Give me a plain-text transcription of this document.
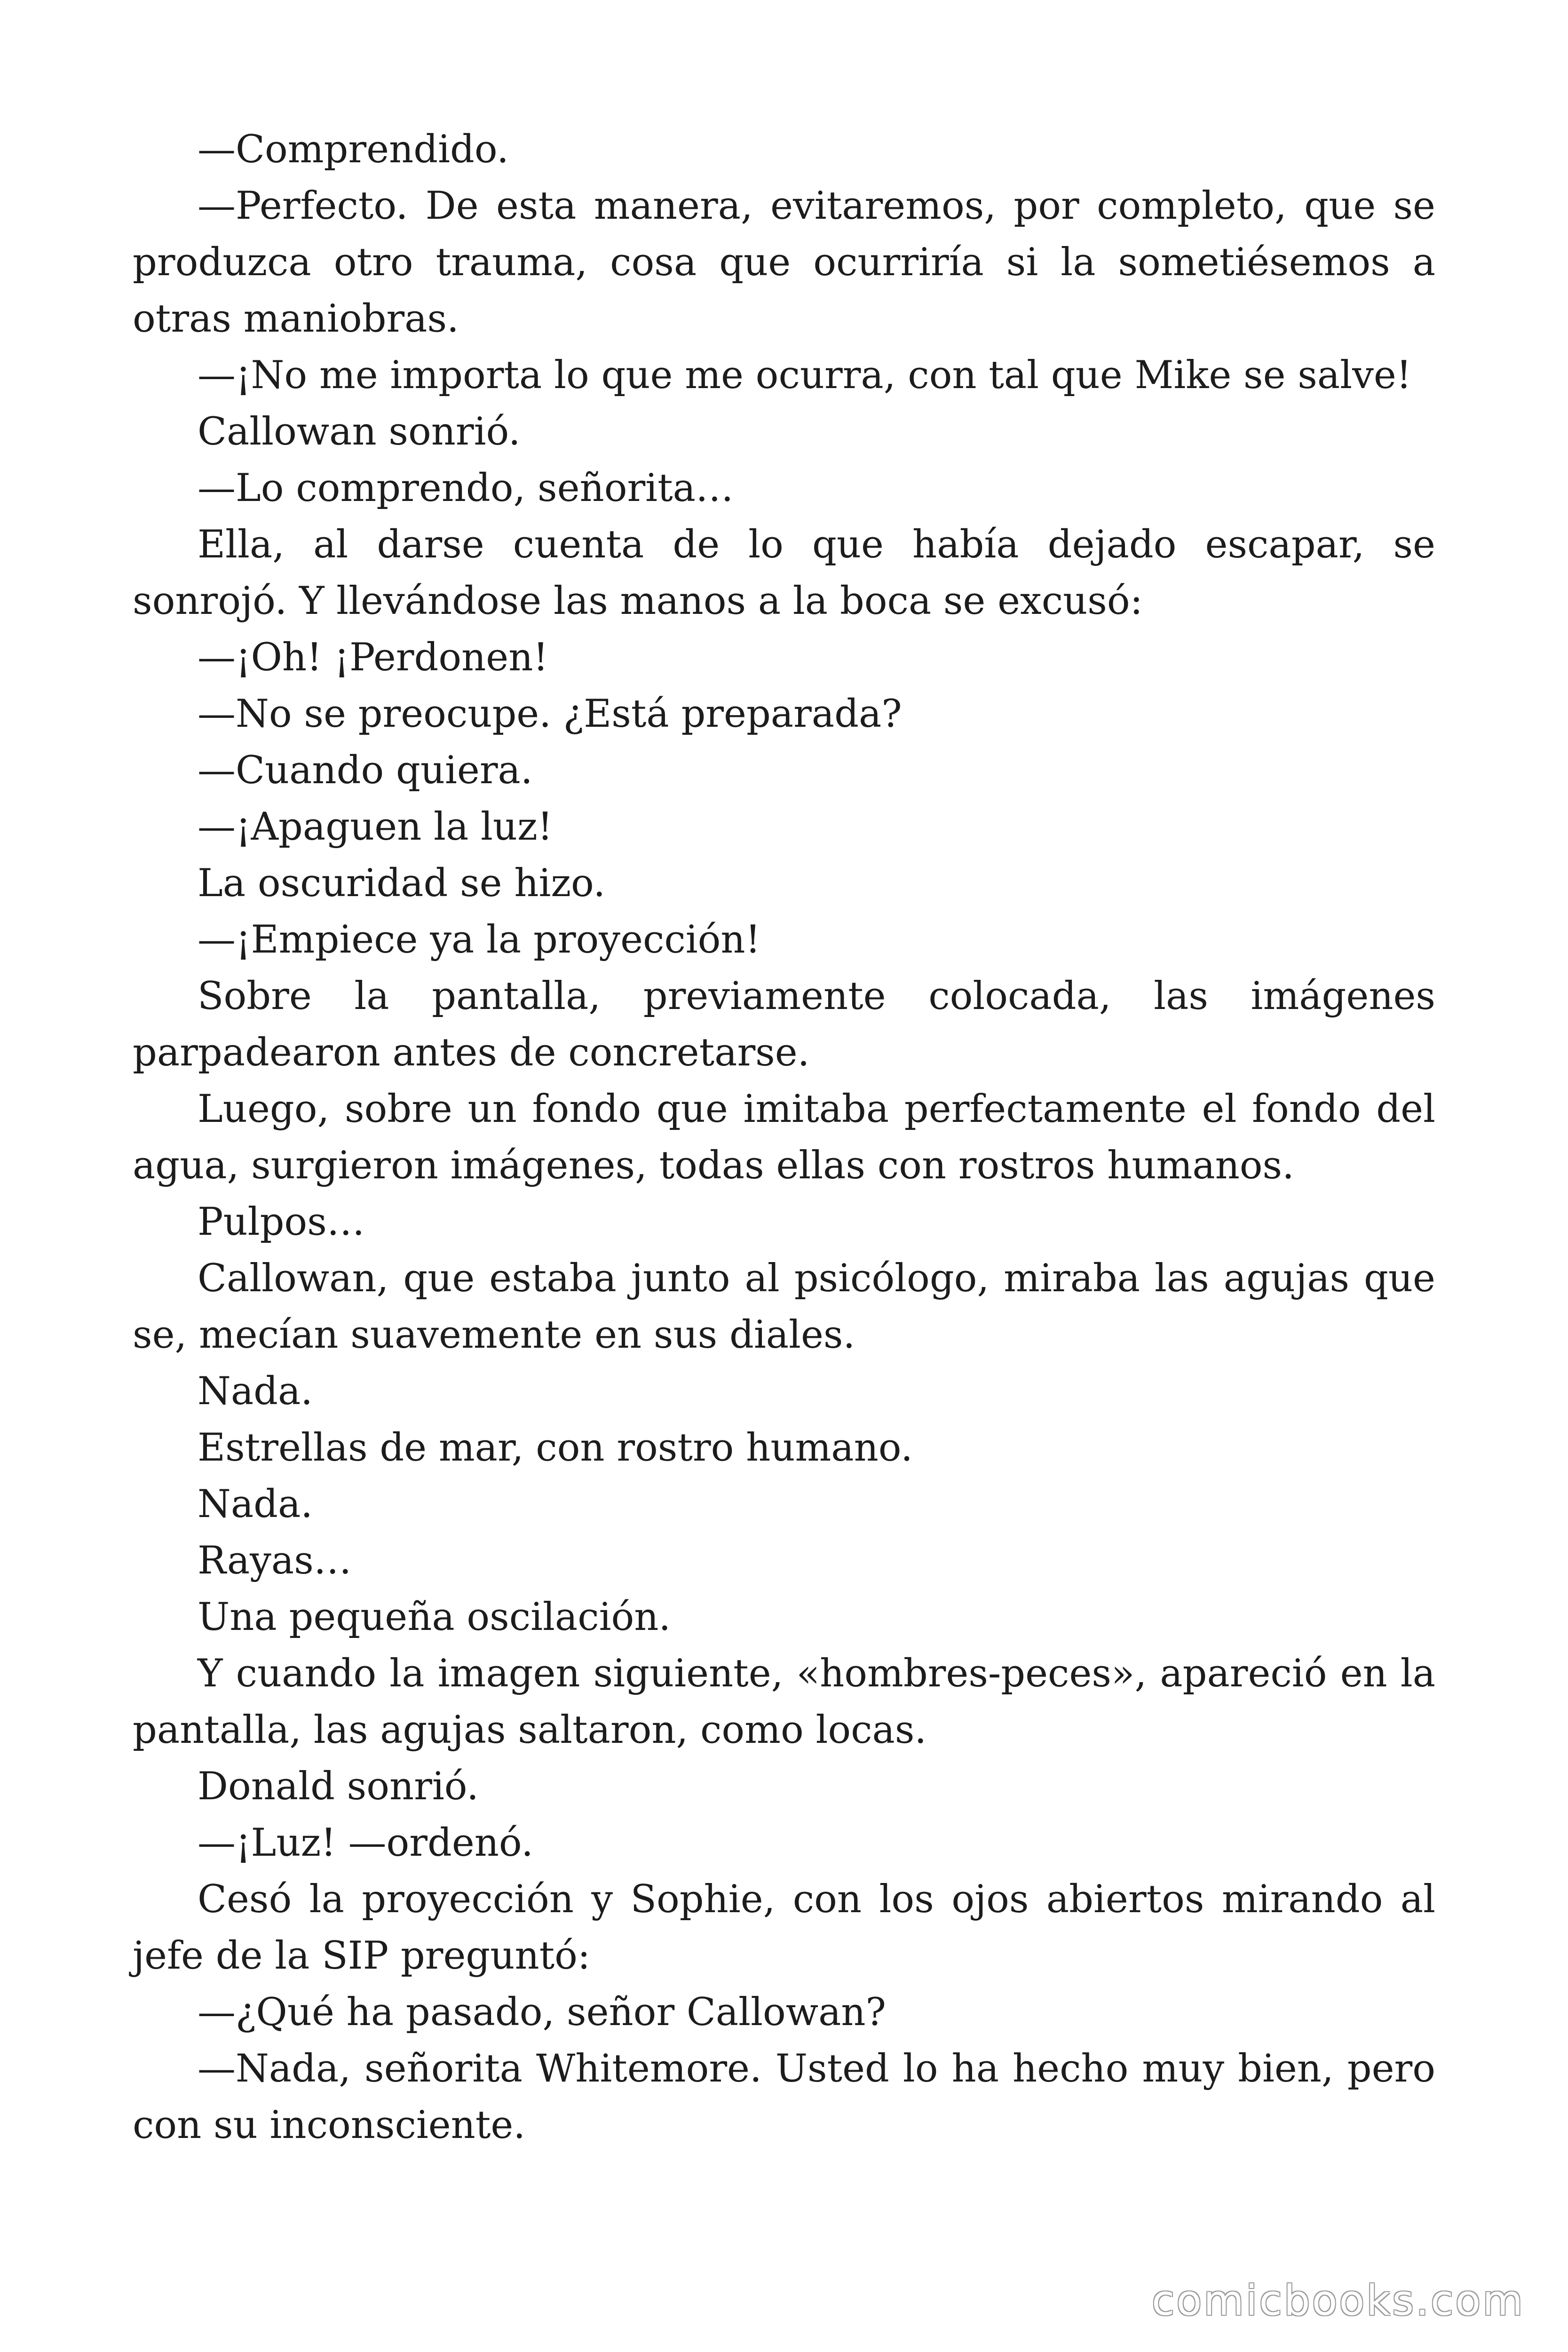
—Comprendido.

—Perfecto. De esta manera, evitaremos, por completo, que se produzca otro trauma, cosa que ocurriría si la sometiésemos a otras maniobras.

—¡No me importa lo que me ocurra, con tal que Mike se salve!

Callowan sonrió.

—Lo comprendo, señorita…

Ella, al darse cuenta de lo que había dejado escapar, se sonrojó. Y llevándose las manos a la boca se excusó:

—¡Oh! ¡Perdonen!

—No se preocupe. ¿Está preparada?

—Cuando quiera.

—¡Apaguen la luz!

La oscuridad se hizo.

—¡Empiece ya la proyección!

Sobre la pantalla, previamente colocada, las imágenes parpadearon antes de concretarse.

Luego, sobre un fondo que imitaba perfectamente el fondo del agua, surgieron imágenes, todas ellas con rostros humanos.

Pulpos…

Callowan, que estaba junto al psicólogo, miraba las agujas que se, mecían suavemente en sus diales.

Nada.

Estrellas de mar, con rostro humano.

Nada.

Rayas…

Una pequeña oscilación.

Y cuando la imagen siguiente, «hombres-peces», apareció en la pantalla, las agujas saltaron, como locas.

Donald sonrió.

—¡Luz! —ordenó.

Cesó la proyección y Sophie, con los ojos abiertos mirando al jefe de la SIP preguntó:

—¿Qué ha pasado, señor Callowan?

—Nada, señorita Whitemore. Usted lo ha hecho muy bien, pero con su inconsciente.

comicbooks.com
